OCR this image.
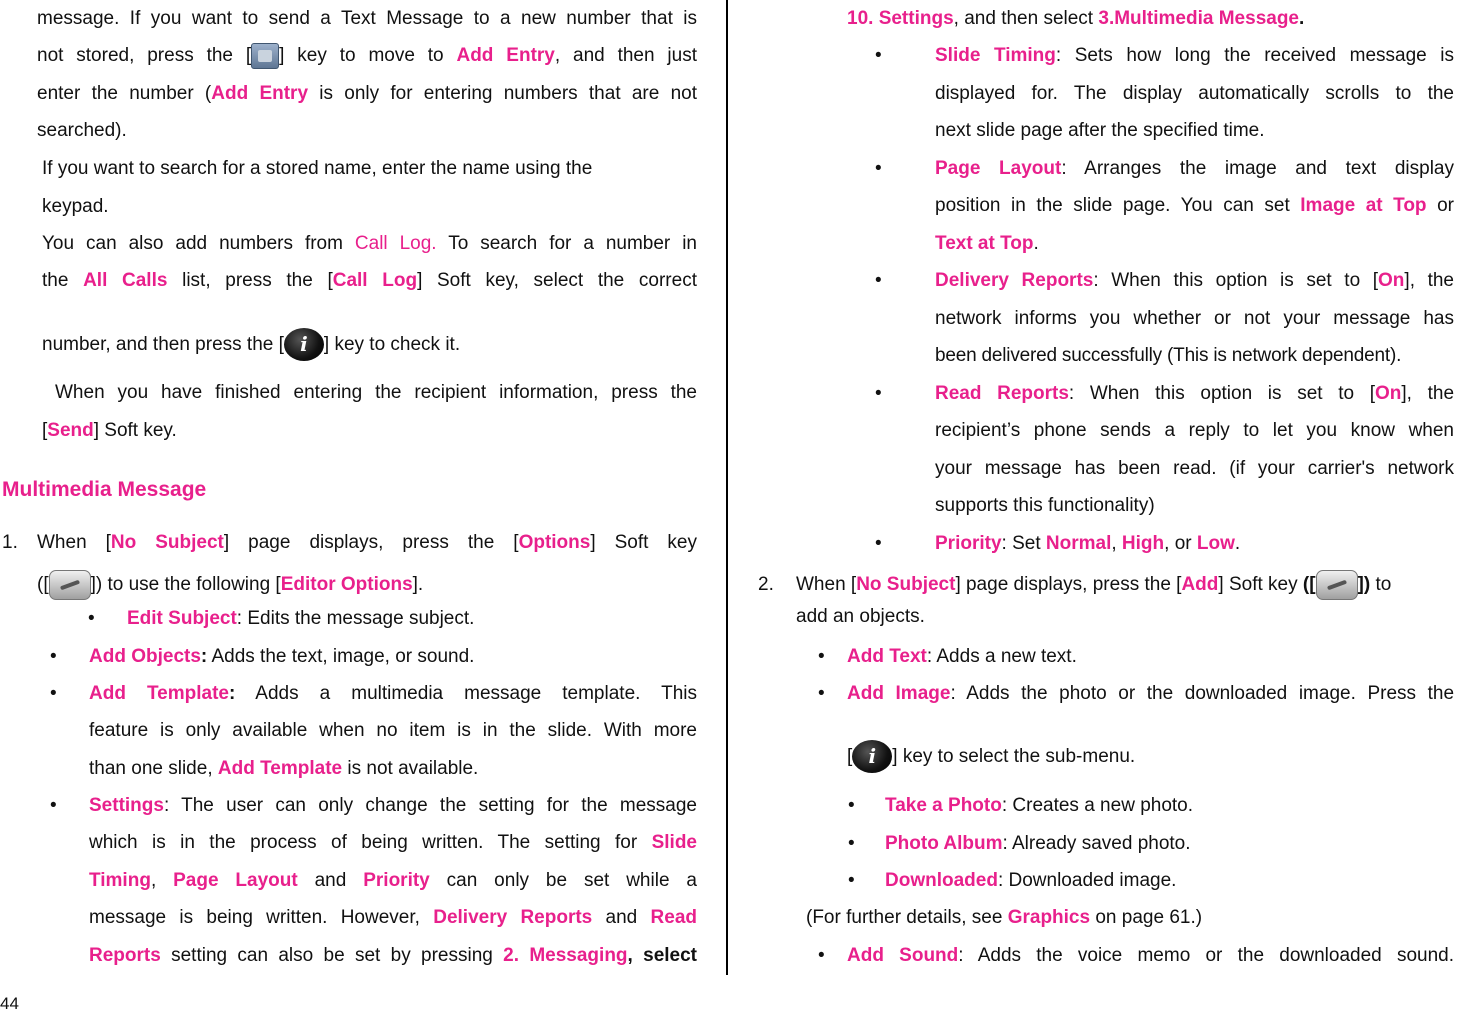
message. If you want to send a Text Message to a new number that is
not stored, press the [ ] key to move to Add Entry, and then just
enter the number (Add Entry is only for entering numbers that are not
searched).
If you want to search for a stored name, enter the name using the
keypad.
You can also add numbers from Call Log. To search for a number in
the All Calls list, press the [Call Log] Soft key, select the correct
number, and then press the [ i ] key to check it.
When you have finished entering the recipient information, press the
[Send] Soft key.
Multimedia Message
1. When [No Subject] page displays, press the [Options] Soft key
([ ]) to use the following [Editor Options].
• Edit Subject: Edits the message subject.
• Add Objects: Adds the text, image, or sound.
• Add Template: Adds a multimedia message template. This
feature is only available when no item is in the slide. With more
than one slide, Add Template is not available.
• Settings: The user can only change the setting for the message
which is in the process of being written. The setting for Slide
Timing, Page Layout and Priority can only be set while a
message is being written. However, Delivery Reports and Read
Reports setting can also be set by pressing 2. Messaging, select
44
10. Settings, and then select 3.Multimedia Message.
•	Slide Timing: Sets how long the received message is
displayed for. The display automatically scrolls to the
next slide page after the specified time.
•	Page Layout: Arranges the image and text display
position in the slide page. You can set Image at Top or
Text at Top.
•	Delivery Reports: When this option is set to [On], the
network informs you whether or not your message has
been delivered successfully (This is network dependent).
•	Read Reports: When this option is set to [On], the
recipient’s phone sends a reply to let you know when
your message has been read. (if your carrier's network
supports this functionality)
•	Priority: Set Normal, High, or Low.
2. When [No Subject] page displays, press the [Add] Soft key ([ ]) to
add an objects.
• Add Text: Adds a new text.
• Add Image: Adds the photo or the downloaded image. Press the
[ i ] key to select the sub-menu.
• Take a Photo: Creates a new photo.
• Photo Album: Already saved photo.
• Downloaded: Downloaded image.
(For further details, see Graphics on page 61.)
• Add Sound: Adds the voice memo or the downloaded sound.
